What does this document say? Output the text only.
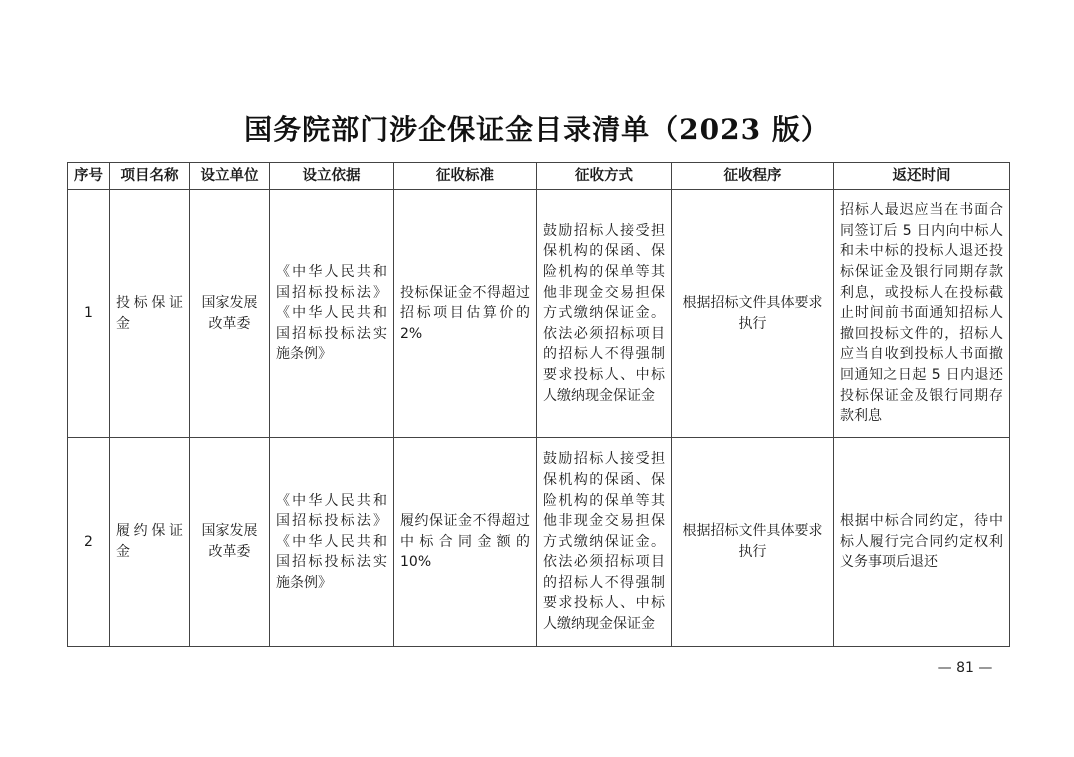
国务院部门涉企保证金目录清单（2023 版）
序号	项目名称	设立单位	设立依据	征收标准	征收方式	征收程序	返还时间
1	投标保证金	国家发展改革委	《中华人民共和国招标投标法》《中华人民共和国招标投标法实施条例》	投标保证金不得超过招标项目估算价的 2%	鼓励招标人接受担保机构的保函、保险机构的保单等其他非现金交易担保方式缴纳保证金。依法必须招标项目的招标人不得强制要求投标人、中标人缴纳现金保证金	根据招标文件具体要求执行	招标人最迟应当在书面合同签订后 5 日内向中标人和未中标的投标人退还投标保证金及银行同期存款利息，或投标人在投标截止时间前书面通知招标人撤回投标文件的，招标人应当自收到投标人书面撤回通知之日起 5 日内退还投标保证金及银行同期存款利息
2	履约保证金	国家发展改革委	《中华人民共和国招标投标法》《中华人民共和国招标投标法实施条例》	履约保证金不得超过中标合同金额的 10%	鼓励招标人接受担保机构的保函、保险机构的保单等其他非现金交易担保方式缴纳保证金。依法必须招标项目的招标人不得强制要求投标人、中标人缴纳现金保证金	根据招标文件具体要求执行	根据中标合同约定，待中标人履行完合同约定权利义务事项后退还
— 81 —
